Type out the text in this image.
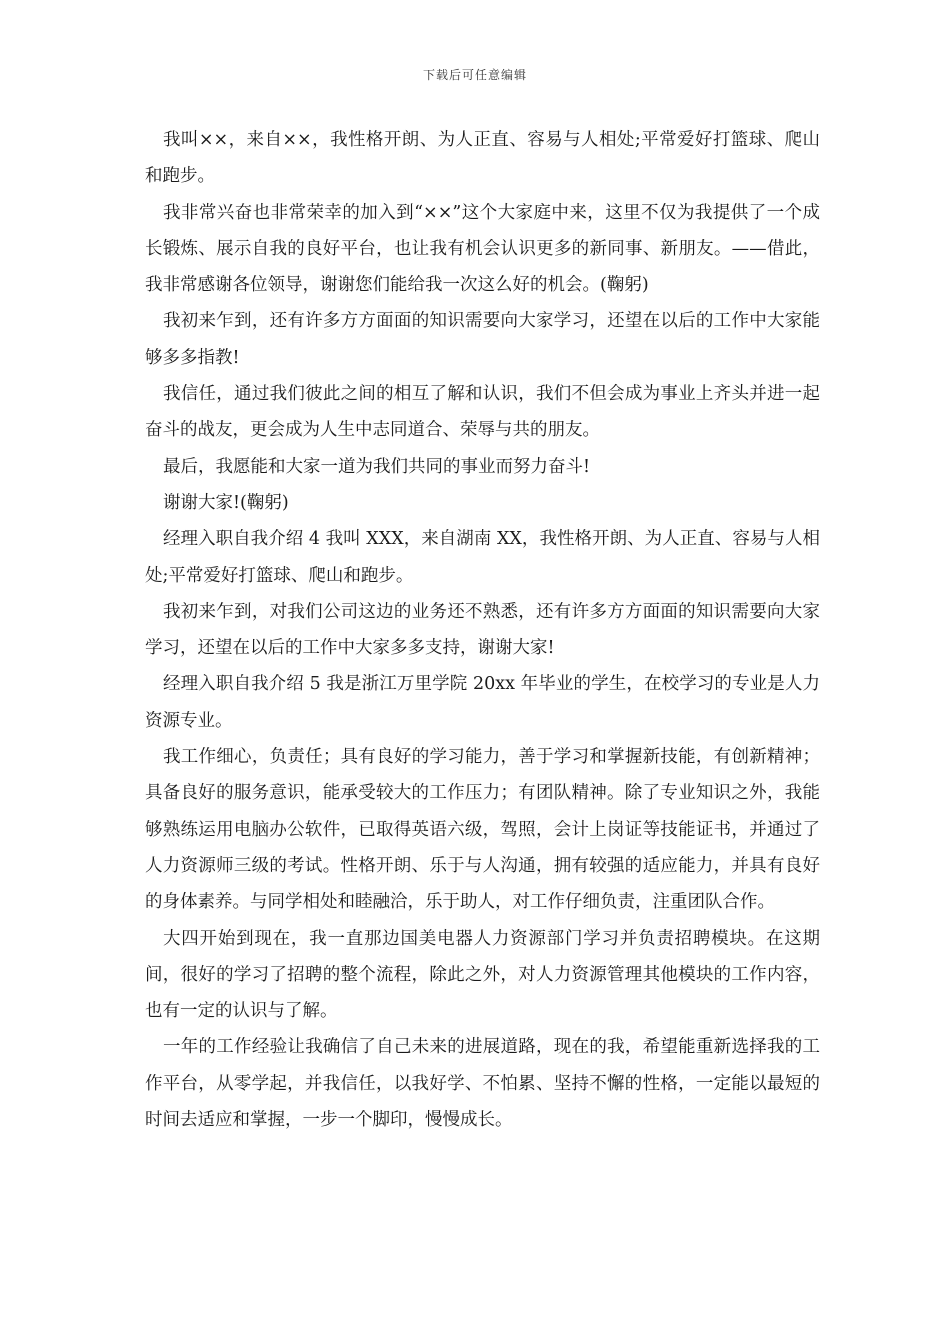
下载后可任意编辑

我叫××，来自××，我性格开朗、为人正直、容易与人相处;平常爱好打篮球、爬山和跑步。

我非常兴奋也非常荣幸的加入到“××”这个大家庭中来，这里不仅为我提供了一个成长锻炼、展示自我的良好平台，也让我有机会认识更多的新同事、新朋友。——借此，我非常感谢各位领导，谢谢您们能给我一次这么好的机会。(鞠躬)

我初来乍到，还有许多方方面面的知识需要向大家学习，还望在以后的工作中大家能够多多指教!

我信任，通过我们彼此之间的相互了解和认识，我们不但会成为事业上齐头并进一起奋斗的战友，更会成为人生中志同道合、荣辱与共的朋友。

最后，我愿能和大家一道为我们共同的事业而努力奋斗!

谢谢大家!(鞠躬)

经理入职自我介绍 4 我叫 XXX，来自湖南 XX，我性格开朗、为人正直、容易与人相处;平常爱好打篮球、爬山和跑步。

我初来乍到，对我们公司这边的业务还不熟悉，还有许多方方面面的知识需要向大家学习，还望在以后的工作中大家多多支持，谢谢大家!

经理入职自我介绍 5 我是浙江万里学院 20xx 年毕业的学生，在校学习的专业是人力资源专业。

我工作细心，负责任；具有良好的学习能力，善于学习和掌握新技能，有创新精神；具备良好的服务意识，能承受较大的工作压力；有团队精神。除了专业知识之外，我能够熟练运用电脑办公软件，已取得英语六级，驾照，会计上岗证等技能证书，并通过了人力资源师三级的考试。性格开朗、乐于与人沟通，拥有较强的适应能力，并具有良好的身体素养。与同学相处和睦融洽，乐于助人，对工作仔细负责，注重团队合作。

大四开始到现在，我一直那边国美电器人力资源部门学习并负责招聘模块。在这期间，很好的学习了招聘的整个流程，除此之外，对人力资源管理其他模块的工作内容，也有一定的认识与了解。

一年的工作经验让我确信了自己未来的进展道路，现在的我，希望能重新选择我的工作平台，从零学起，并我信任，以我好学、不怕累、坚持不懈的性格，一定能以最短的时间去适应和掌握，一步一个脚印，慢慢成长。
